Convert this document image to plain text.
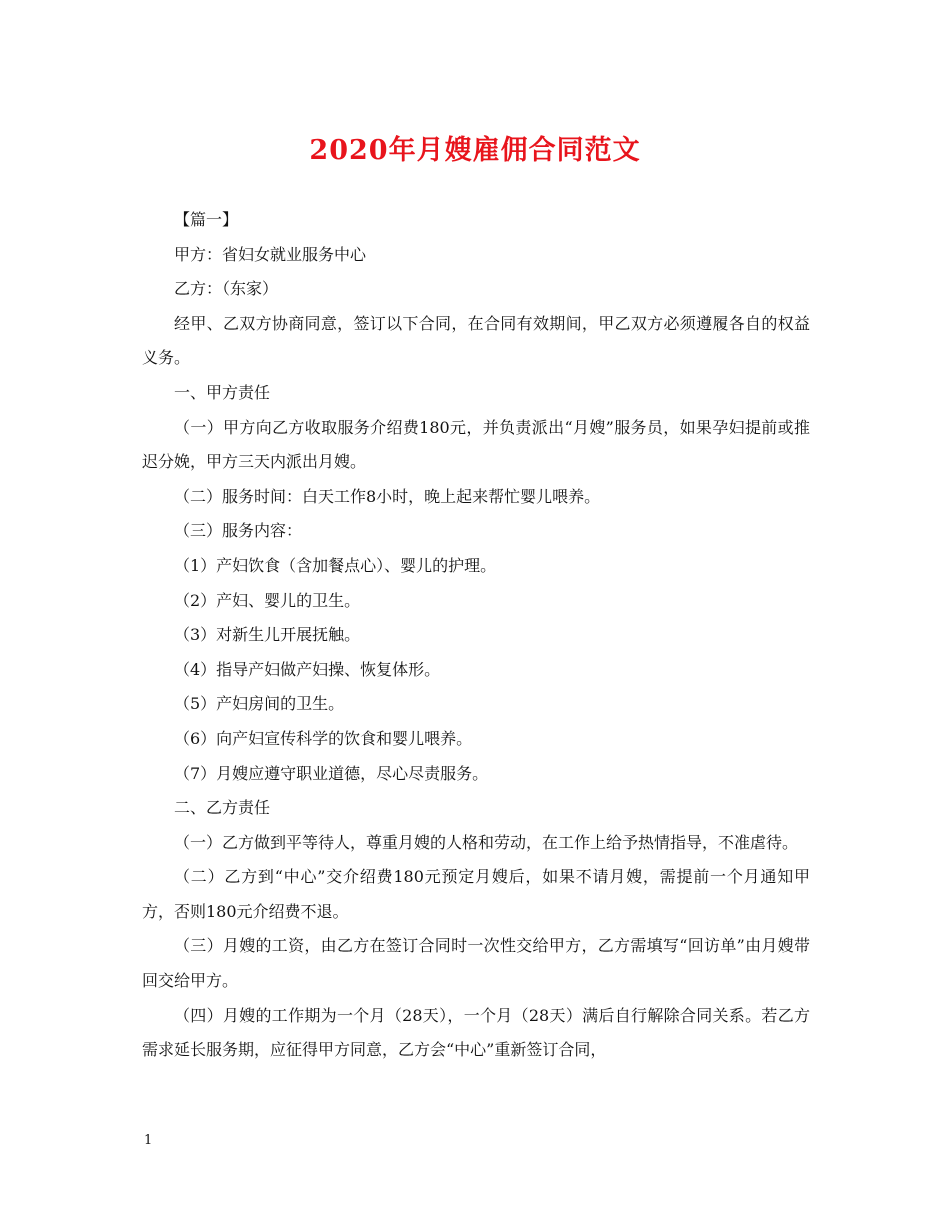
2020年月嫂雇佣合同范文

【篇一】

甲方：省妇女就业服务中心

乙方：（东家）

经甲、乙双方协商同意，签订以下合同，在合同有效期间，甲乙双方必须遵履各自的权益义务。

一、甲方责任

（一）甲方向乙方收取服务介绍费180元，并负责派出“月嫂”服务员，如果孕妇提前或推迟分娩，甲方三天内派出月嫂。

（二）服务时间：白天工作8小时，晚上起来帮忙婴儿喂养。

（三）服务内容：

（1）产妇饮食（含加餐点心）、婴儿的护理。

（2）产妇、婴儿的卫生。

（3）对新生儿开展抚触。

（4）指导产妇做产妇操、恢复体形。

（5）产妇房间的卫生。

（6）向产妇宣传科学的饮食和婴儿喂养。

（7）月嫂应遵守职业道德，尽心尽责服务。

二、乙方责任

（一）乙方做到平等待人，尊重月嫂的人格和劳动，在工作上给予热情指导，不准虐待。

（二）乙方到“中心”交介绍费180元预定月嫂后，如果不请月嫂，需提前一个月通知甲方，否则180元介绍费不退。

（三）月嫂的工资，由乙方在签订合同时一次性交给甲方，乙方需填写“回访单”由月嫂带回交给甲方。

（四）月嫂的工作期为一个月（28天），一个月（28天）满后自行解除合同关系。若乙方需求延长服务期，应征得甲方同意，乙方会“中心”重新签订合同，

1
